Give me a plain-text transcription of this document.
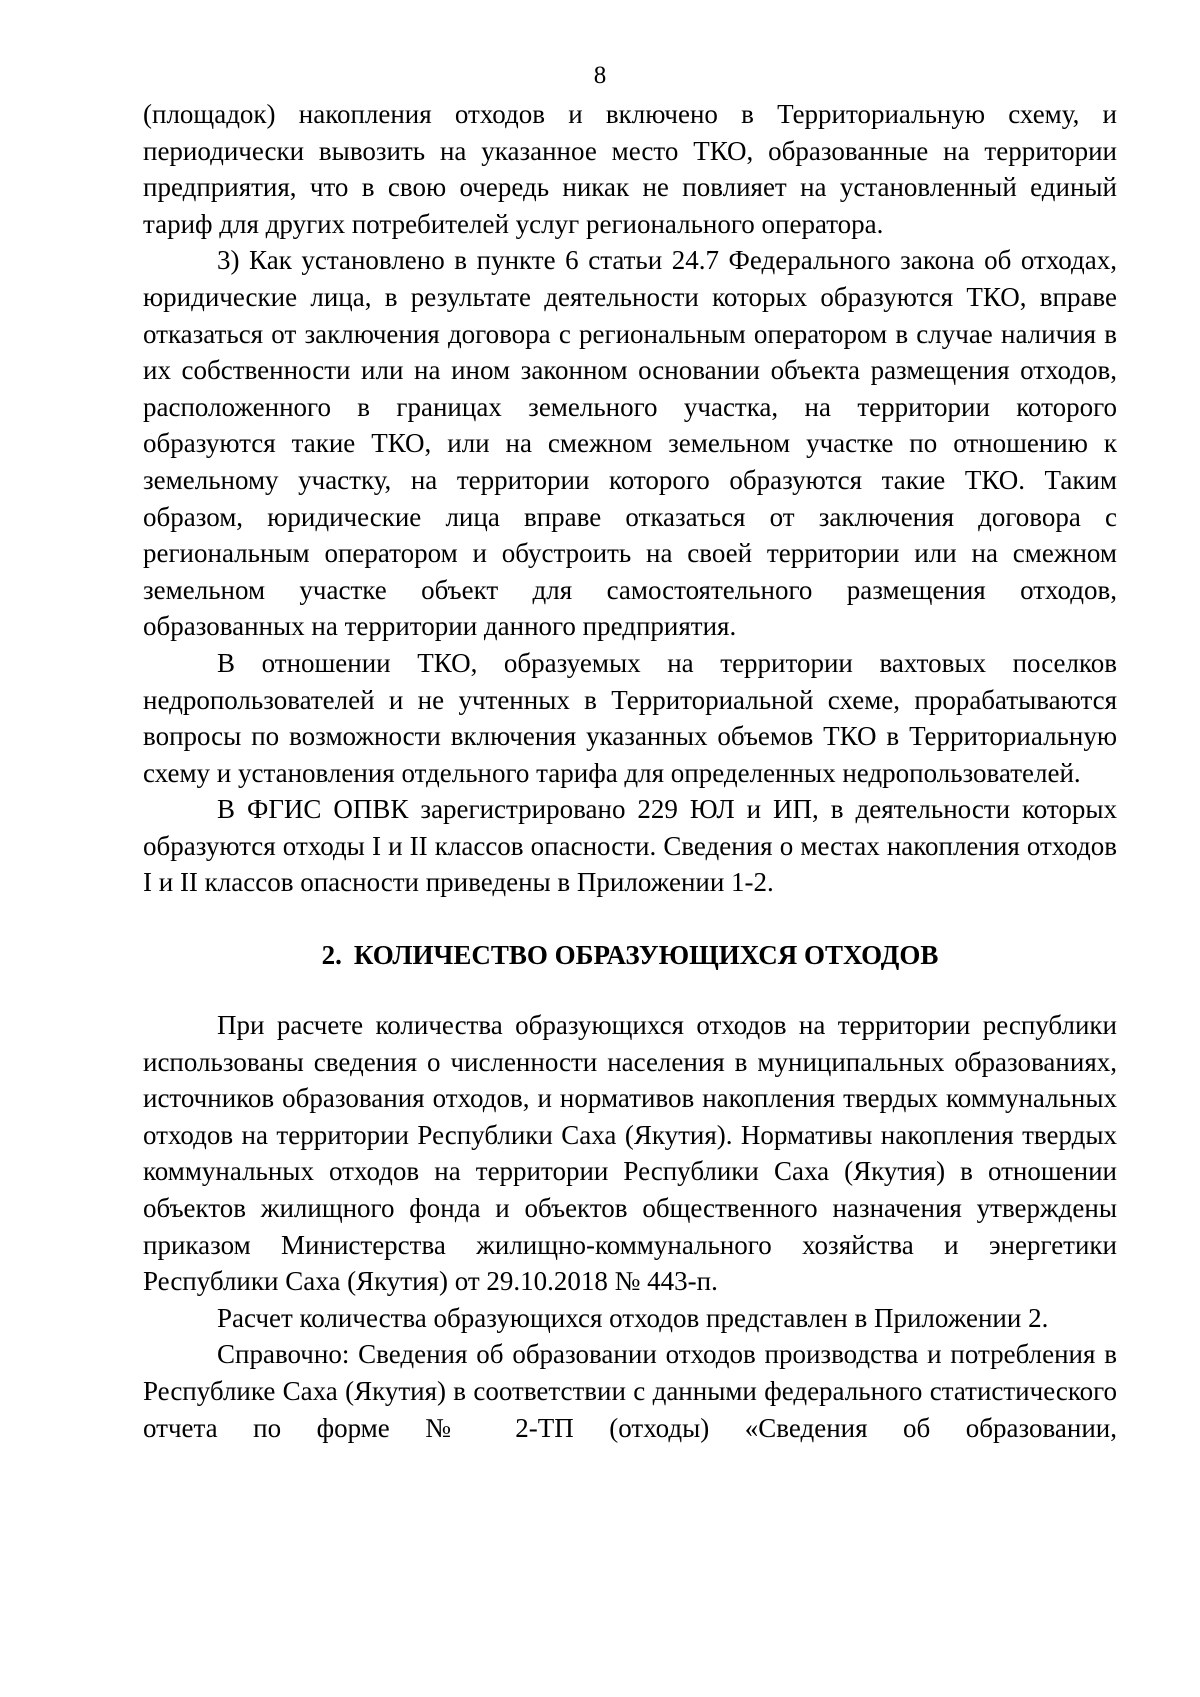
8

(площадок) накопления отходов и включено в Территориальную схему, и периодически вывозить на указанное место ТКО, образованные на территории предприятия, что в свою очередь никак не повлияет на установленный единый тариф для других потребителей услуг регионального оператора.

3) Как установлено в пункте 6 статьи 24.7 Федерального закона об отходах, юридические лица, в результате деятельности которых образуются ТКО, вправе отказаться от заключения договора с региональным оператором в случае наличия в их собственности или на ином законном основании объекта размещения отходов, расположенного в границах земельного участка, на территории которого образуются такие ТКО, или на смежном земельном участке по отношению к земельному участку, на территории которого образуются такие ТКО. Таким образом, юридические лица вправе отказаться от заключения договора с региональным оператором и обустроить на своей территории или на смежном земельном участке объект для самостоятельного размещения отходов, образованных на территории данного предприятия.

В отношении ТКО, образуемых на территории вахтовых поселков недропользователей и не учтенных в Территориальной схеме, прорабатываются вопросы по возможности включения указанных объемов ТКО в Территориальную схему и установления отдельного тарифа для определенных недропользователей.

В ФГИС ОПВК зарегистрировано 229 ЮЛ и ИП, в деятельности которых образуются отходы I и II классов опасности. Сведения о местах накопления отходов I и II классов опасности приведены в Приложении 1-2.

2. КОЛИЧЕСТВО ОБРАЗУЮЩИХСЯ ОТХОДОВ

При расчете количества образующихся отходов на территории республики использованы сведения о численности населения в муниципальных образованиях, источников образования отходов, и нормативов накопления твердых коммунальных отходов на территории Республики Саха (Якутия). Нормативы накопления твердых коммунальных отходов на территории Республики Саха (Якутия) в отношении объектов жилищного фонда и объектов общественного назначения утверждены приказом Министерства жилищно-коммунального хозяйства и энергетики Республики Саха (Якутия) от 29.10.2018 № 443-п.

Расчет количества образующихся отходов представлен в Приложении 2.

Справочно: Сведения об образовании отходов производства и потребления в Республике Саха (Якутия) в соответствии с данными федерального статистического отчета по форме № 2-ТП (отходы) «Сведения об образовании,
